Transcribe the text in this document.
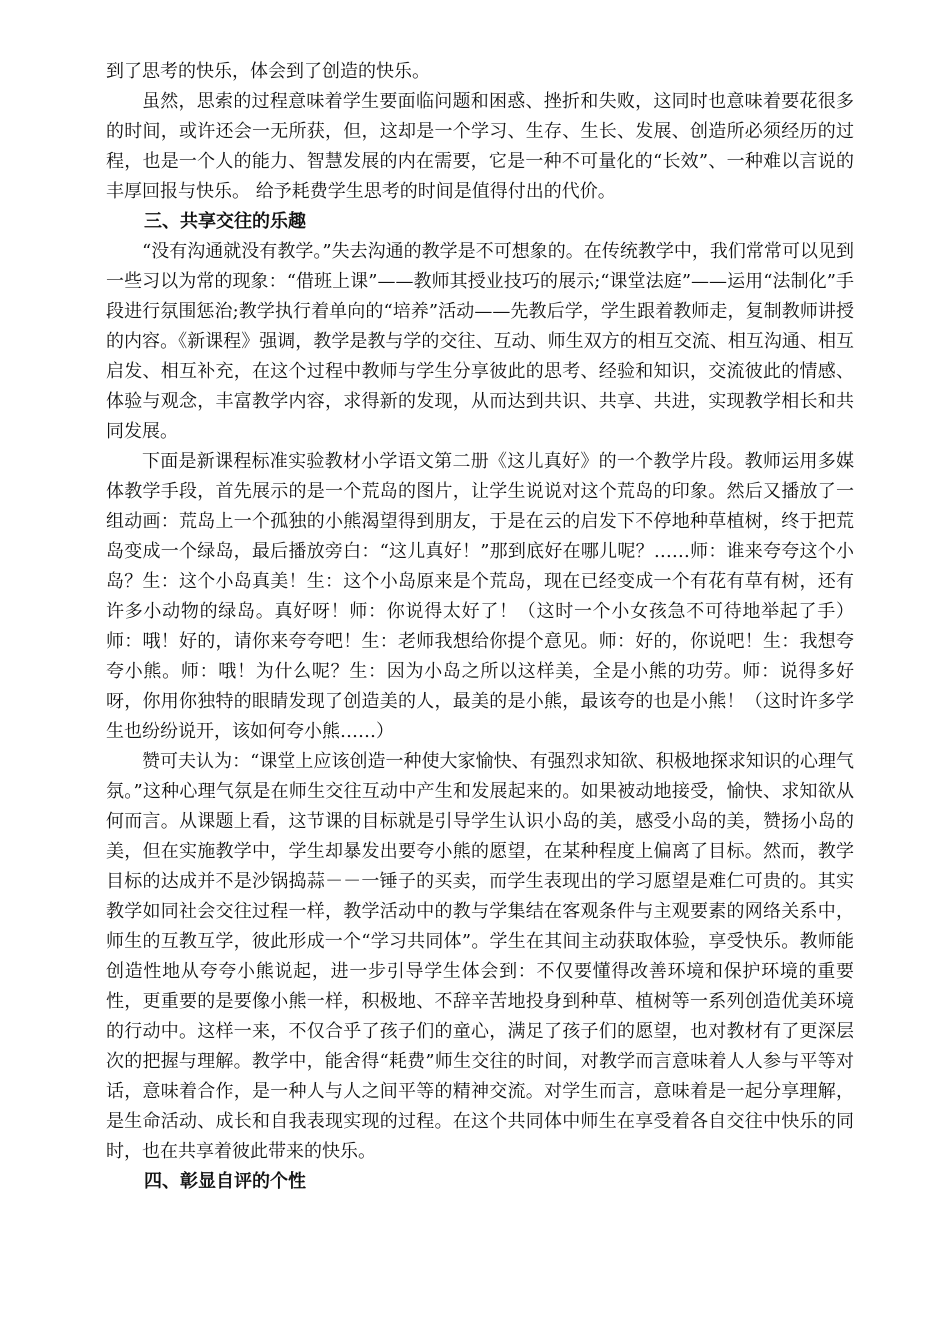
到了思考的快乐，体会到了创造的快乐。

虽然，思索的过程意味着学生要面临问题和困惑、挫折和失败，这同时也意味着要花很多的时间，或许还会一无所获，但，这却是一个学习、生存、生长、发展、创造所必须经历的过程，也是一个人的能力、智慧发展的内在需要，它是一种不可量化的“长效”、一种难以言说的丰厚回报与快乐。 给予耗费学生思考的时间是值得付出的代价。

三、共享交往的乐趣

“没有沟通就没有教学。”失去沟通的教学是不可想象的。在传统教学中，我们常常可以见到一些习以为常的现象：“借班上课”——教师其授业技巧的展示;“课堂法庭”——运用“法制化”手段进行氛围惩治;教学执行着单向的“培养”活动——先教后学，学生跟着教师走，复制教师讲授的内容。《新课程》强调，教学是教与学的交往、互动、师生双方的相互交流、相互沟通、相互启发、相互补充，在这个过程中教师与学生分享彼此的思考、经验和知识，交流彼此的情感、体验与观念，丰富教学内容，求得新的发现，从而达到共识、共享、共进，实现教学相长和共同发展。

下面是新课程标准实验教材小学语文第二册《这儿真好》的一个教学片段。教师运用多媒体教学手段，首先展示的是一个荒岛的图片，让学生说说对这个荒岛的印象。然后又播放了一组动画：荒岛上一个孤独的小熊渴望得到朋友，于是在云的启发下不停地种草植树，终于把荒岛变成一个绿岛，最后播放旁白：“这儿真好！”那到底好在哪儿呢？……师：谁来夸夸这个小岛？生：这个小岛真美！生：这个小岛原来是个荒岛，现在已经变成一个有花有草有树，还有许多小动物的绿岛。真好呀！师：你说得太好了！（这时一个小女孩急不可待地举起了手）师：哦！好的，请你来夸夸吧！生：老师我想给你提个意见。师：好的，你说吧！生：我想夸夸小熊。师：哦！为什么呢？生：因为小岛之所以这样美，全是小熊的功劳。师：说得多好呀，你用你独特的眼睛发现了创造美的人，最美的是小熊，最该夸的也是小熊！（这时许多学生也纷纷说开，该如何夸小熊……）

赞可夫认为：“课堂上应该创造一种使大家愉快、有强烈求知欲、积极地探求知识的心理气氛。”这种心理气氛是在师生交往互动中产生和发展起来的。如果被动地接受，愉快、求知欲从何而言。从课题上看，这节课的目标就是引导学生认识小岛的美，感受小岛的美，赞扬小岛的美，但在实施教学中，学生却暴发出要夸小熊的愿望，在某种程度上偏离了目标。然而，教学目标的达成并不是沙锅捣蒜－－一锤子的买卖，而学生表现出的学习愿望是难仁可贵的。其实教学如同社会交往过程一样，教学活动中的教与学集结在客观条件与主观要素的网络关系中，师生的互教互学，彼此形成一个“学习共同体”。学生在其间主动获取体验，享受快乐。教师能创造性地从夸夸小熊说起，进一步引导学生体会到：不仅要懂得改善环境和保护环境的重要性，更重要的是要像小熊一样，积极地、不辞辛苦地投身到种草、植树等一系列创造优美环境的行动中。这样一来，不仅合乎了孩子们的童心，满足了孩子们的愿望，也对教材有了更深层次的把握与理解。教学中，能舍得“耗费”师生交往的时间，对教学而言意味着人人参与平等对话，意味着合作，是一种人与人之间平等的精神交流。对学生而言，意味着是一起分享理解，是生命活动、成长和自我表现实现的过程。在这个共同体中师生在享受着各自交往中快乐的同时，也在共享着彼此带来的快乐。

四、彰显自评的个性
